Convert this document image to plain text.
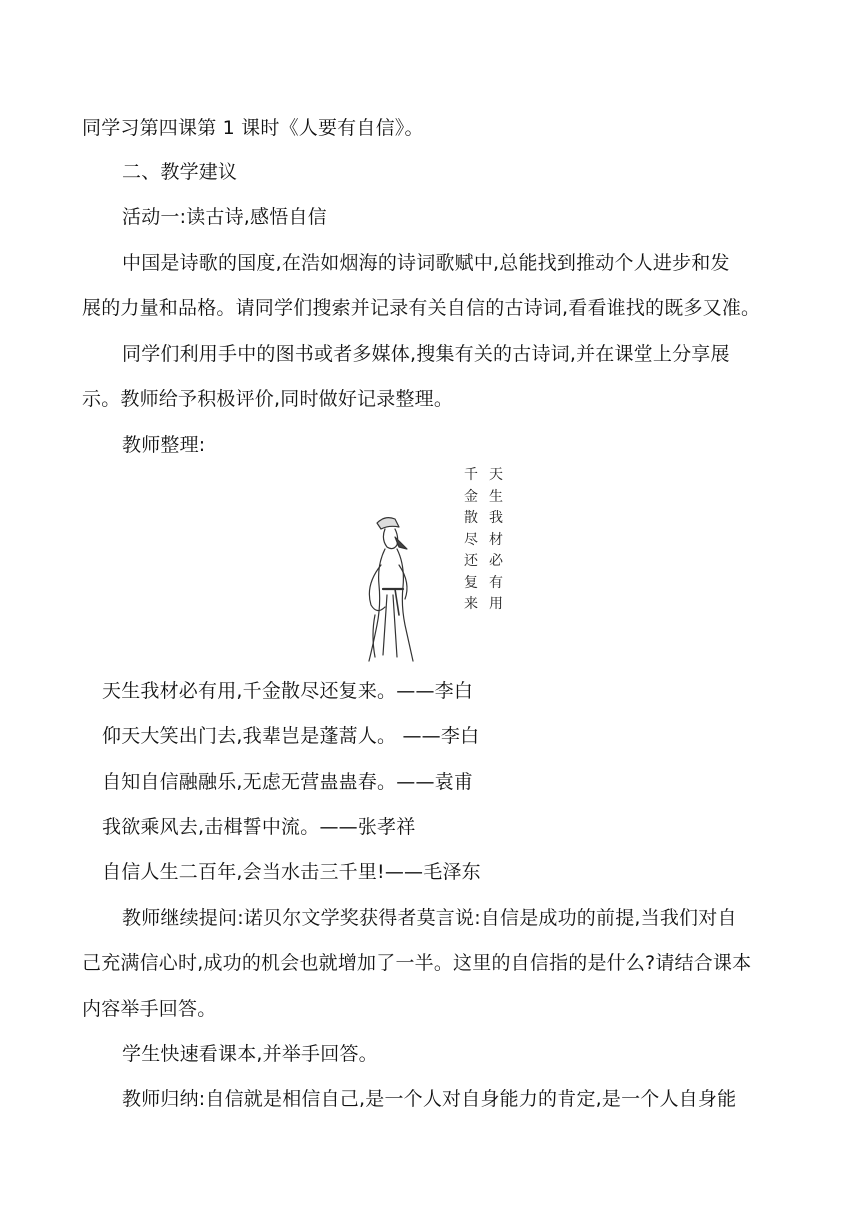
同学习第四课第 1 课时《人要有自信》。
二、教学建议
活动一:读古诗,感悟自信
中国是诗歌的国度,在浩如烟海的诗词歌赋中,总能找到推动个人进步和发
展的力量和品格。请同学们搜索并记录有关自信的古诗词,看看谁找的既多又准。
同学们利用手中的图书或者多媒体,搜集有关的古诗词,并在课堂上分享展
示。教师给予积极评价,同时做好记录整理。
教师整理:
天生我材必有用
千金散尽还复来
天生我材必有用,千金散尽还复来。——李白
仰天大笑出门去,我辈岂是蓬蒿人。 ——李白
自知自信融融乐,无虑无营蛊蛊春。——袁甫
我欲乘风去,击楫誓中流。——张孝祥
自信人生二百年,会当水击三千里!——毛泽东
教师继续提问:诺贝尔文学奖获得者莫言说:自信是成功的前提,当我们对自
己充满信心时,成功的机会也就增加了一半。这里的自信指的是什么?请结合课本
内容举手回答。
学生快速看课本,并举手回答。
教师归纳:自信就是相信自己,是一个人对自身能力的肯定,是一个人自身能
